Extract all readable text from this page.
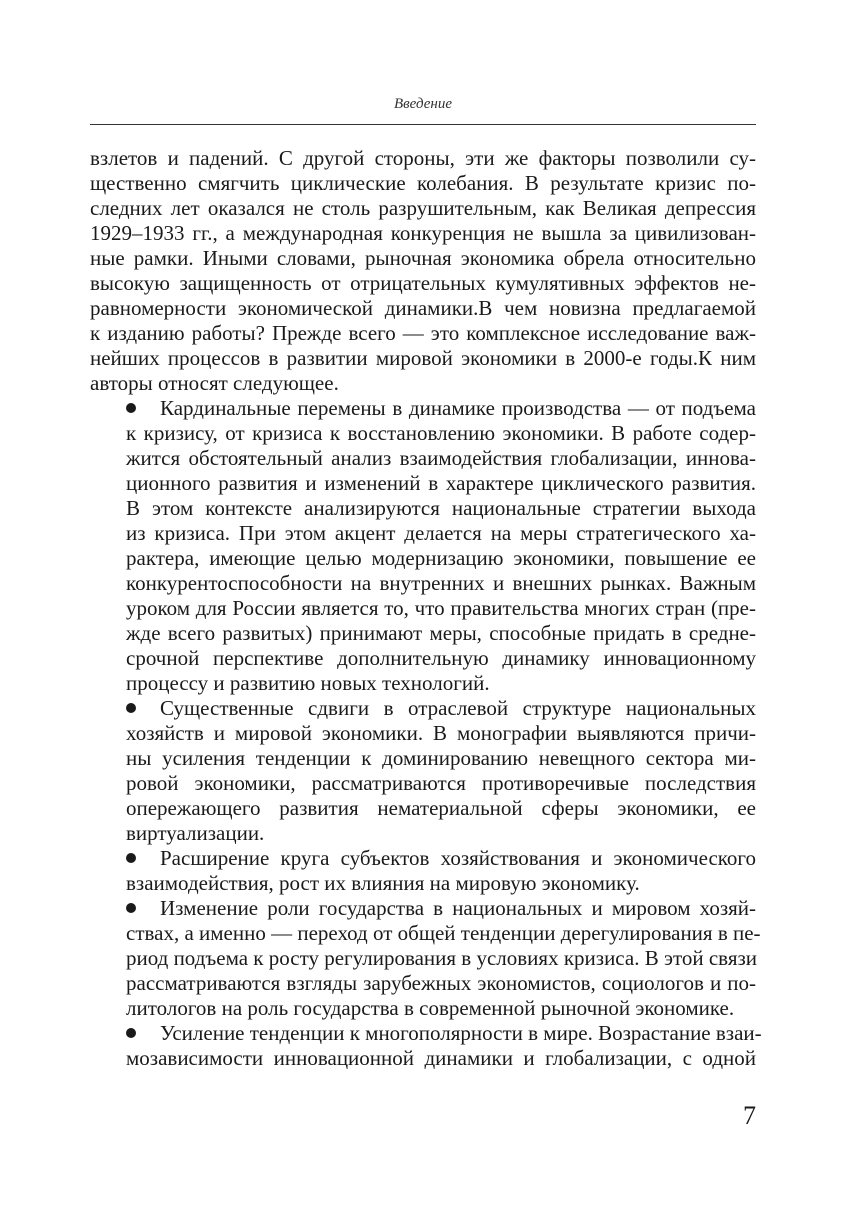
Введение
взлетов и падений. С другой стороны, эти же факторы позволили су-
щественно смягчить циклические колебания. В результате кризис по-
следних лет оказался не столь разрушительным, как Великая депрессия
1929–1933 гг., а международная конкуренция не вышла за цивилизован-
ные рамки. Иными словами, рыночная экономика обрела относительно
высокую защищенность от отрицательных кумулятивных эффектов не-
равномерности экономической динамики.В чем новизна предлагаемой
к изданию работы? Прежде всего — это комплексное исследование важ-
нейших процессов в развитии мировой экономики в 2000-е годы.К ним
авторы относят следующее.
Кардинальные перемены в динамике производства — от подъема
к кризису, от кризиса к восстановлению экономики. В работе содер-
жится обстоятельный анализ взаимодействия глобализации, иннова-
ционного развития и изменений в характере циклического развития.
В этом контексте анализируются национальные стратегии выхода
из кризиса. При этом акцент делается на меры стратегического ха-
рактера, имеющие целью модернизацию экономики, повышение ее
конкурентоспособности на внутренних и внешних рынках. Важным
уроком для России является то, что правительства многих стран (пре-
жде всего развитых) принимают меры, способные придать в средне-
срочной перспективе дополнительную динамику инновационному
процессу и развитию новых технологий.
Существенные сдвиги в отраслевой структуре национальных
хозяйств и мировой экономики. В монографии выявляются причи-
ны усиления тенденции к доминированию невещного сектора ми-
ровой экономики, рассматриваются противоречивые последствия
опережающего развития нематериальной сферы экономики, ее
виртуализации.
Расширение круга субъектов хозяйствования и экономического
взаимодействия, рост их влияния на мировую экономику.
Изменение роли государства в национальных и мировом хозяй-
ствах, а именно — переход от общей тенденции дерегулирования в пе-
риод подъема к росту регулирования в условиях кризиса. В этой связи
рассматриваются взгляды зарубежных экономистов, социологов и по-
литологов на роль государства в современной рыночной экономике.
Усиление тенденции к многополярности в мире. Возрастание взаи-
мозависимости инновационной динамики и глобализации, с одной
7
